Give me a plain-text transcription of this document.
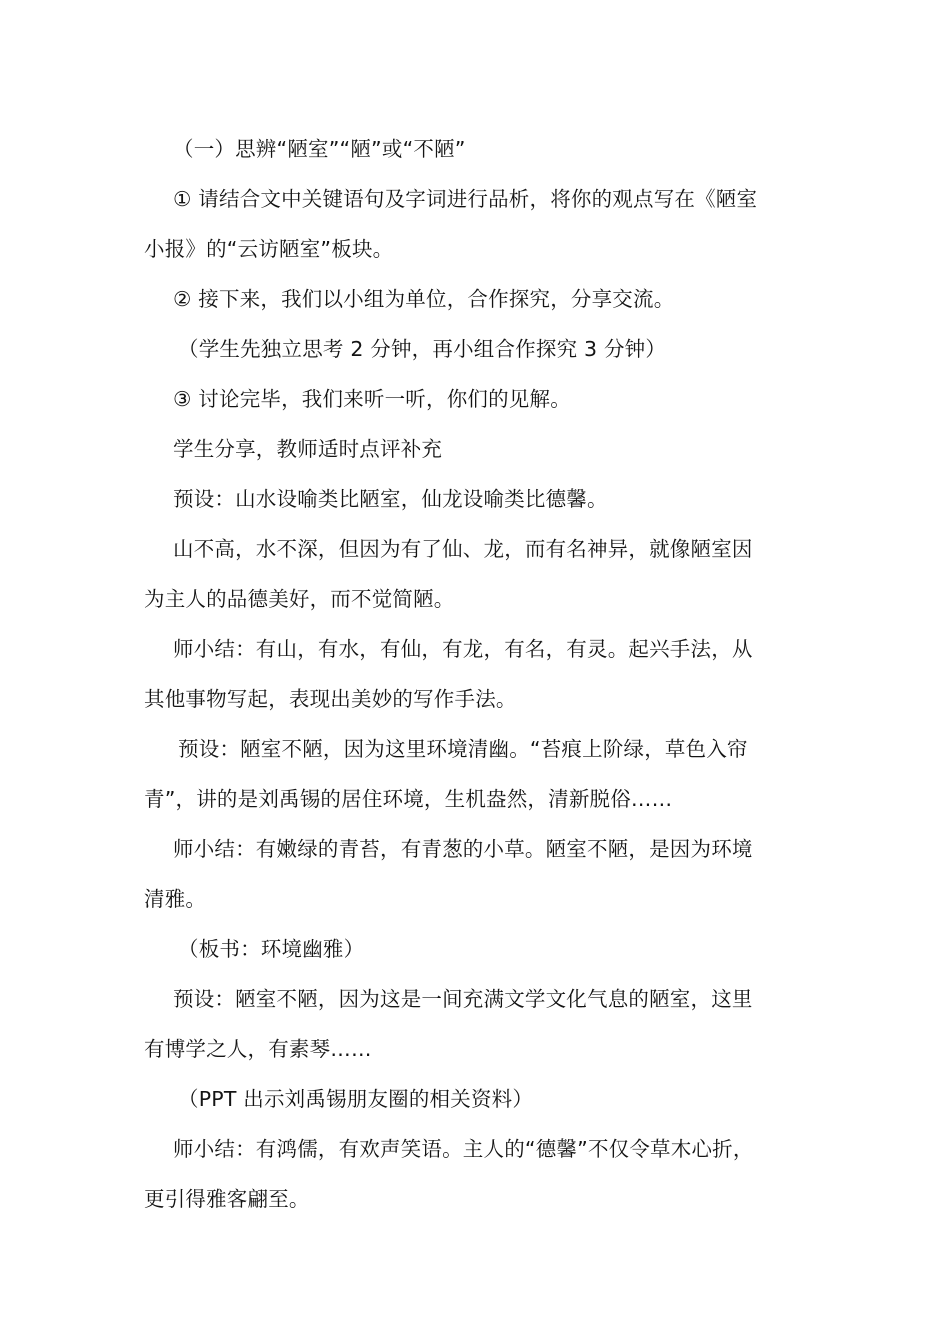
（一）思辨“陋室”“陋”或“不陋”
① 请结合文中关键语句及字词进行品析，将你的观点写在《陋室
小报》的“云访陋室”板块。
② 接下来，我们以小组为单位，合作探究，分享交流。
（学生先独立思考 2 分钟，再小组合作探究 3 分钟）
③ 讨论完毕，我们来听一听，你们的见解。
学生分享，教师适时点评补充
预设：山水设喻类比陋室，仙龙设喻类比德馨。
山不高，水不深，但因为有了仙、龙，而有名神异，就像陋室因
为主人的品德美好，而不觉简陋。
师小结：有山，有水，有仙，有龙，有名，有灵。起兴手法，从
其他事物写起，表现出美妙的写作手法。
预设：陋室不陋，因为这里环境清幽。“苔痕上阶绿，草色入帘
青”，讲的是刘禹锡的居住环境，生机盎然，清新脱俗……
师小结：有嫩绿的青苔，有青葱的小草。陋室不陋，是因为环境
清雅。
（板书：环境幽雅）
预设：陋室不陋，因为这是一间充满文学文化气息的陋室，这里
有博学之人，有素琴……
（PPT 出示刘禹锡朋友圈的相关资料）
师小结：有鸿儒，有欢声笑语。主人的“德馨”不仅令草木心折，
更引得雅客翩至。
